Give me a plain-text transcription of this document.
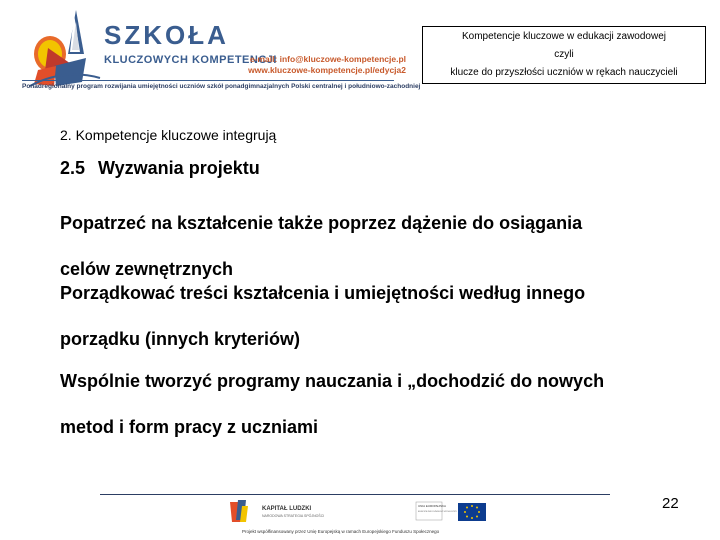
SZKOŁA
KLUCZOWYCH KOMPETENCJI
e-mail: info@kluczowe-kompetencje.pl
www.kluczowe-kompetencje.pl/edycja2
Ponadregionalny program rozwijania umiejętności uczniów szkół ponadgimnazjalnych Polski centralnej i południowo-zachodniej
Kompetencje kluczowe w edukacji zawodowej
czyli
klucze do przyszłości uczniów w rękach nauczycieli
2. Kompetencje kluczowe integrują
2.5 Wyzwania projektu
Popatrzeć na kształcenie także poprzez dążenie do osiągania
celów zewnętrznych
Porządkować treści kształcenia i umiejętności według innego
porządku (innych kryteriów)
Wspólnie tworzyć programy nauczania i „dochodzić do nowych
metod i form pracy z uczniami
KAPITAŁ LUDZKI
NARODOWA STRATEGIA SPÓJNOŚCI
UNIA EUROPEJSKA
EUROPEJSKI FUNDUSZ SPOŁECZNY
Projekt współfinansowany przez Unię Europejską w ramach Europejskiego Funduszu Społecznego
22
